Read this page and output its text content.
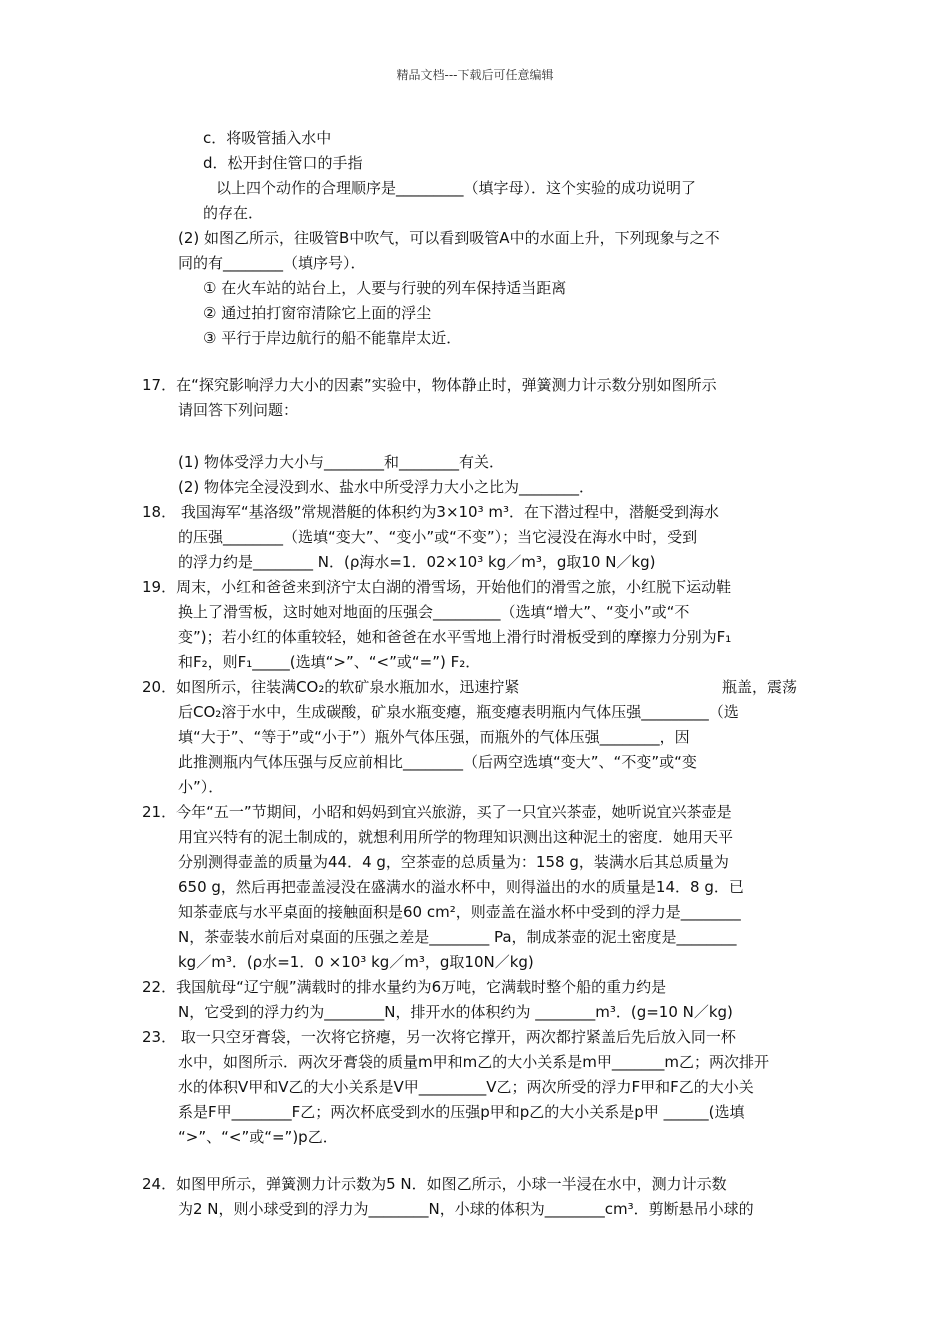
精品文档---下载后可任意编辑
c．将吸管插入水中
d．松开封住管口的手指
以上四个动作的合理顺序是_________（填字母）．这个实验的成功说明了
的存在．
(2) 如图乙所示，往吸管B中吹气，可以看到吸管A中的水面上升，下列现象与之不
同的有________（填序号）．
① 在火车站的站台上，人要与行驶的列车保持适当距离
② 通过拍打窗帘清除它上面的浮尘
③ 平行于岸边航行的船不能靠岸太近．
17．在“探究影响浮力大小的因素”实验中，物体静止时，弹簧测力计示数分别如图所示
请回答下列问题：
(1) 物体受浮力大小与________和________有关．
(2) 物体完全浸没到水、盐水中所受浮力大小之比为________．
18． 我国海军“基洛级”常规潜艇的体积约为3×10³ m³．在下潜过程中，潜艇受到海水
的压强________（选填“变大”、“变小”或“不变”）；当它浸没在海水中时，受到
的浮力约是________ N．(ρ海水=1．02×10³ kg／m³，g取10 N／kg)
19．周末，小红和爸爸来到济宁太白湖的滑雪场，开始他们的滑雪之旅，小红脱下运动鞋
换上了滑雪板，这时她对地面的压强会_________（选填“增大”、“变小”或“不
变”)；若小红的体重较轻，她和爸爸在水平雪地上滑行时滑板受到的摩擦力分别为F₁
和F₂，则F₁_____(选填“>”、“<”或“=”) F₂．
20．如图所示，往装满CO₂的软矿泉水瓶加水，迅速拧紧	瓶盖，震荡
后CO₂溶于水中，生成碳酸，矿泉水瓶变瘪，瓶变瘪表明瓶内气体压强_________（选
填“大于”、“等于”或“小于”）瓶外气体压强，而瓶外的气体压强________，因
此推测瓶内气体压强与反应前相比________（后两空选填“变大”、“不变”或“变
小”）．
21．今年“五一”节期间，小昭和妈妈到宜兴旅游，买了一只宜兴茶壶，她听说宜兴茶壶是
用宜兴特有的泥土制成的，就想利用所学的物理知识测出这种泥土的密度．她用天平
分别测得壶盖的质量为44．4 g，空茶壶的总质量为：158 g，装满水后其总质量为
650 g，然后再把壶盖浸没在盛满水的溢水杯中，则得溢出的水的质量是14．8 g．已
知茶壶底与水平桌面的接触面积是60 cm²，则壶盖在溢水杯中受到的浮力是________
N，茶壶装水前后对桌面的压强之差是________ Pa，制成茶壶的泥土密度是________
kg／m³．(ρ水=1．0 ×10³ kg／m³，g取10N／kg)
22．我国航母“辽宁舰”满载时的排水量约为6万吨，它满载时整个船的重力约是
N，它受到的浮力约为________N，排开水的体积约为 ________m³．(g=10 N／kg)
23． 取一只空牙膏袋，一次将它挤瘪，另一次将它撑开，两次都拧紧盖后先后放入同一杯
水中，如图所示．两次牙膏袋的质量m甲和m乙的大小关系是m甲_______m乙；两次排开
水的体积V甲和V乙的大小关系是V甲_________V乙；两次所受的浮力F甲和F乙的大小关
系是F甲________F乙；两次杯底受到水的压强p甲和p乙的大小关系是p甲 ______(选填
“>”、“<”或“=”)p乙．
24．如图甲所示，弹簧测力计示数为5 N．如图乙所示，小球一半浸在水中，测力计示数
为2 N，则小球受到的浮力为________N，小球的体积为________cm³．剪断悬吊小球的
